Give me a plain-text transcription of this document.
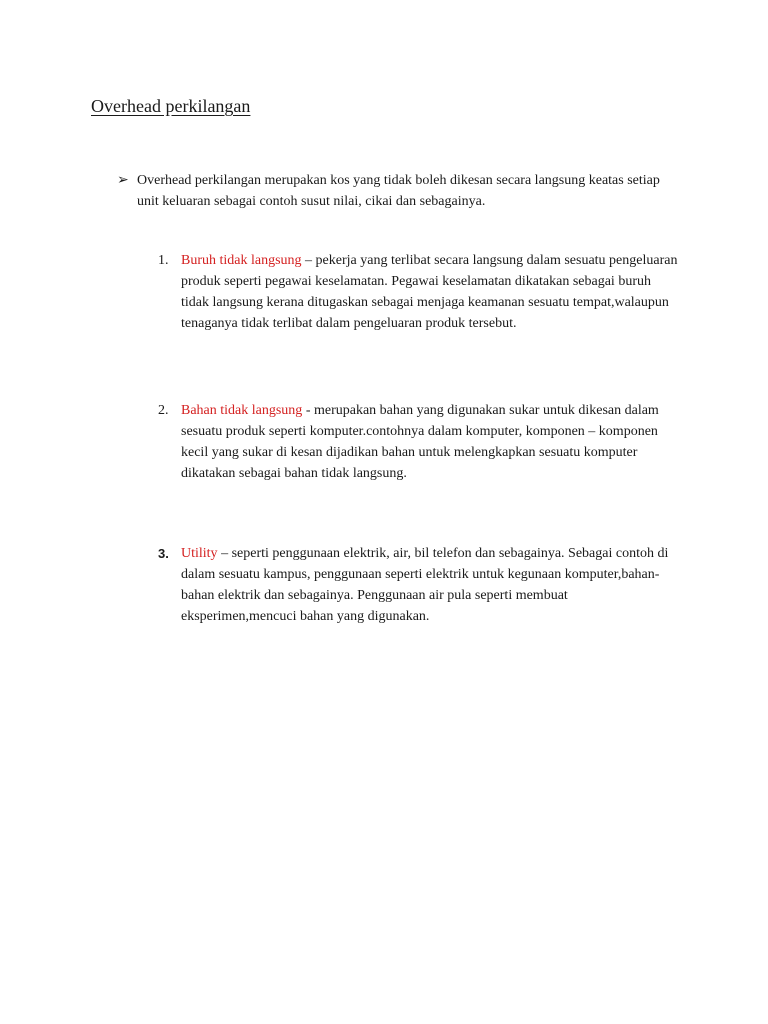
Overhead perkilangan
➢ Overhead perkilangan merupakan kos yang tidak boleh dikesan secara langsung keatas setiap unit keluaran sebagai contoh susut nilai, cikai dan sebagainya.
1. Buruh tidak langsung – pekerja yang terlibat secara langsung dalam sesuatu pengeluaran produk seperti pegawai keselamatan. Pegawai keselamatan dikatakan sebagai buruh tidak langsung kerana ditugaskan sebagai menjaga keamanan sesuatu tempat,walaupun tenaganya tidak terlibat dalam pengeluaran produk tersebut.
2. Bahan tidak langsung - merupakan bahan yang digunakan sukar untuk dikesan dalam sesuatu produk seperti komputer.contohnya dalam komputer, komponen – komponen kecil yang sukar di kesan dijadikan bahan untuk melengkapkan sesuatu komputer dikatakan sebagai bahan tidak langsung.
3. Utility – seperti penggunaan elektrik, air, bil telefon dan sebagainya. Sebagai contoh di dalam sesuatu kampus, penggunaan seperti elektrik untuk kegunaan komputer,bahan-bahan elektrik dan sebagainya. Penggunaan air pula seperti membuat eksperimen,mencuci bahan yang digunakan.
